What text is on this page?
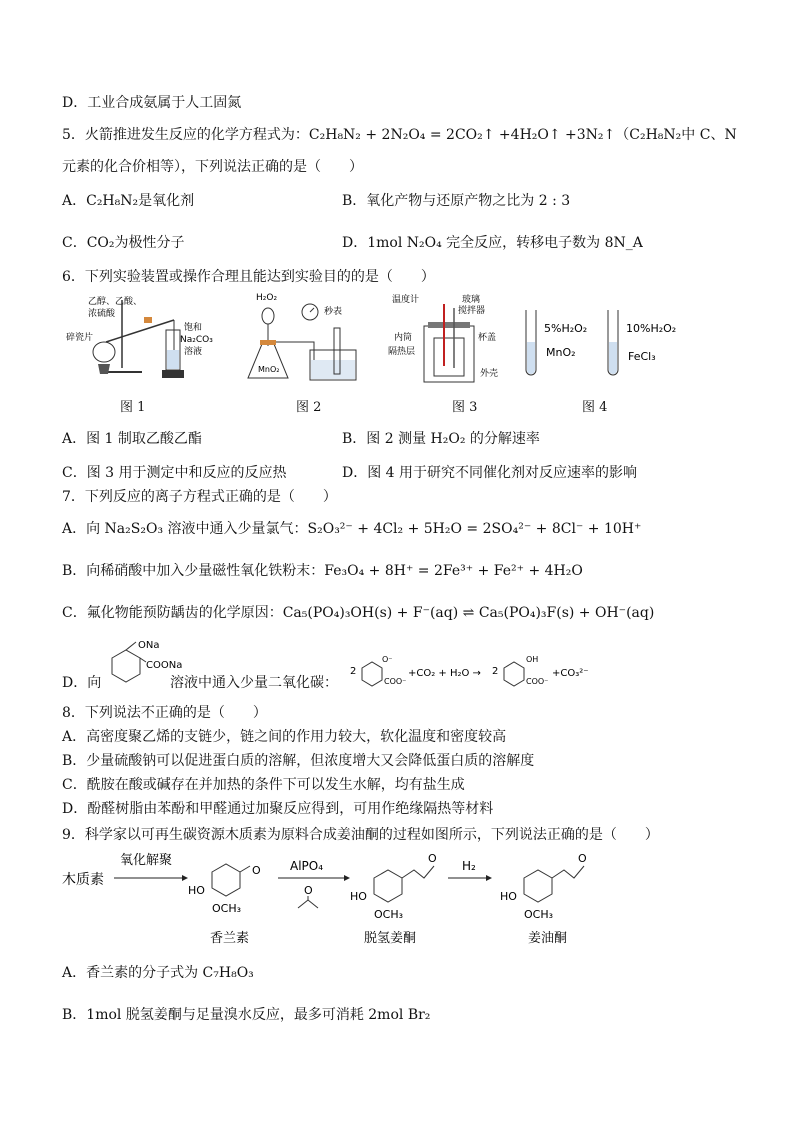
D．工业合成氨属于人工固氮
5．火箭推进发生反应的化学方程式为：C₂H₈N₂ + 2N₂O₄ = 2CO₂↑ +4H₂O↑ +3N₂↑（C₂H₈N₂中 C、N
元素的化合价相等），下列说法正确的是（　　）
A．C₂H₈N₂是氧化剂	B．氧化产物与还原产物之比为 2 : 3
C．CO₂为极性分子	D．1mol N₂O₄ 完全反应，转移电子数为 8N_A
6．下列实验装置或操作合理且能达到实验目的的是（　　）
乙醇、乙酸、
浓硫酸
碎瓷片
饱和
Na₂CO₃
溶液
H₂O₂
秒表
MnO₂
温度计	玻璃
搅拌器
内筒	杯盖
隔热层
外壳
5%H₂O₂	10%H₂O₂
MnO₂	FeCl₃
图 1	图 2	图 3	图 4
A．图 1 制取乙酸乙酯	B．图 2 测量 H₂O₂ 的分解速率
C．图 3 用于测定中和反应的反应热	D．图 4 用于研究不同催化剂对反应速率的影响
7．下列反应的离子方程式正确的是（　　）
A．向 Na₂S₂O₃ 溶液中通入少量氯气：S₂O₃²⁻ + 4Cl₂ + 5H₂O = 2SO₄²⁻ + 8Cl⁻ + 10H⁺
B．向稀硝酸中加入少量磁性氧化铁粉末：Fe₃O₄ + 8H⁺ = 2Fe³⁺ + Fe²⁺ + 4H₂O
C．氟化物能预防龋齿的化学原因：Ca₅(PO₄)₃OH(s) + F⁻(aq) ⇌ Ca₅(PO₄)₃F(s) + OH⁻(aq)
D．向
ONa
COONa
溶液中通入少量二氧化碳：
2
O⁻
COO⁻
+CO₂ + H₂O → 2
OH
COO⁻
+CO₃²⁻
8．下列说法不正确的是（　　）
A．高密度聚乙烯的支链少，链之间的作用力较大，软化温度和密度较高
B．少量硫酸钠可以促进蛋白质的溶解，但浓度增大又会降低蛋白质的溶解度
C．酰胺在酸或碱存在并加热的条件下可以发生水解，均有盐生成
D．酚醛树脂由苯酚和甲醛通过加聚反应得到，可用作绝缘隔热等材料
9．科学家以可再生碳资源木质素为原料合成姜油酮的过程如图所示，下列说法正确的是（　　）
木质素
氧化解聚
O
HO
OCH₃
AlPO₄
O
O
HO
OCH₃
H₂
O
HO
OCH₃
香兰素	脱氢姜酮	姜油酮
A．香兰素的分子式为 C₇H₈O₃
B．1mol 脱氢姜酮与足量溴水反应，最多可消耗 2mol Br₂
